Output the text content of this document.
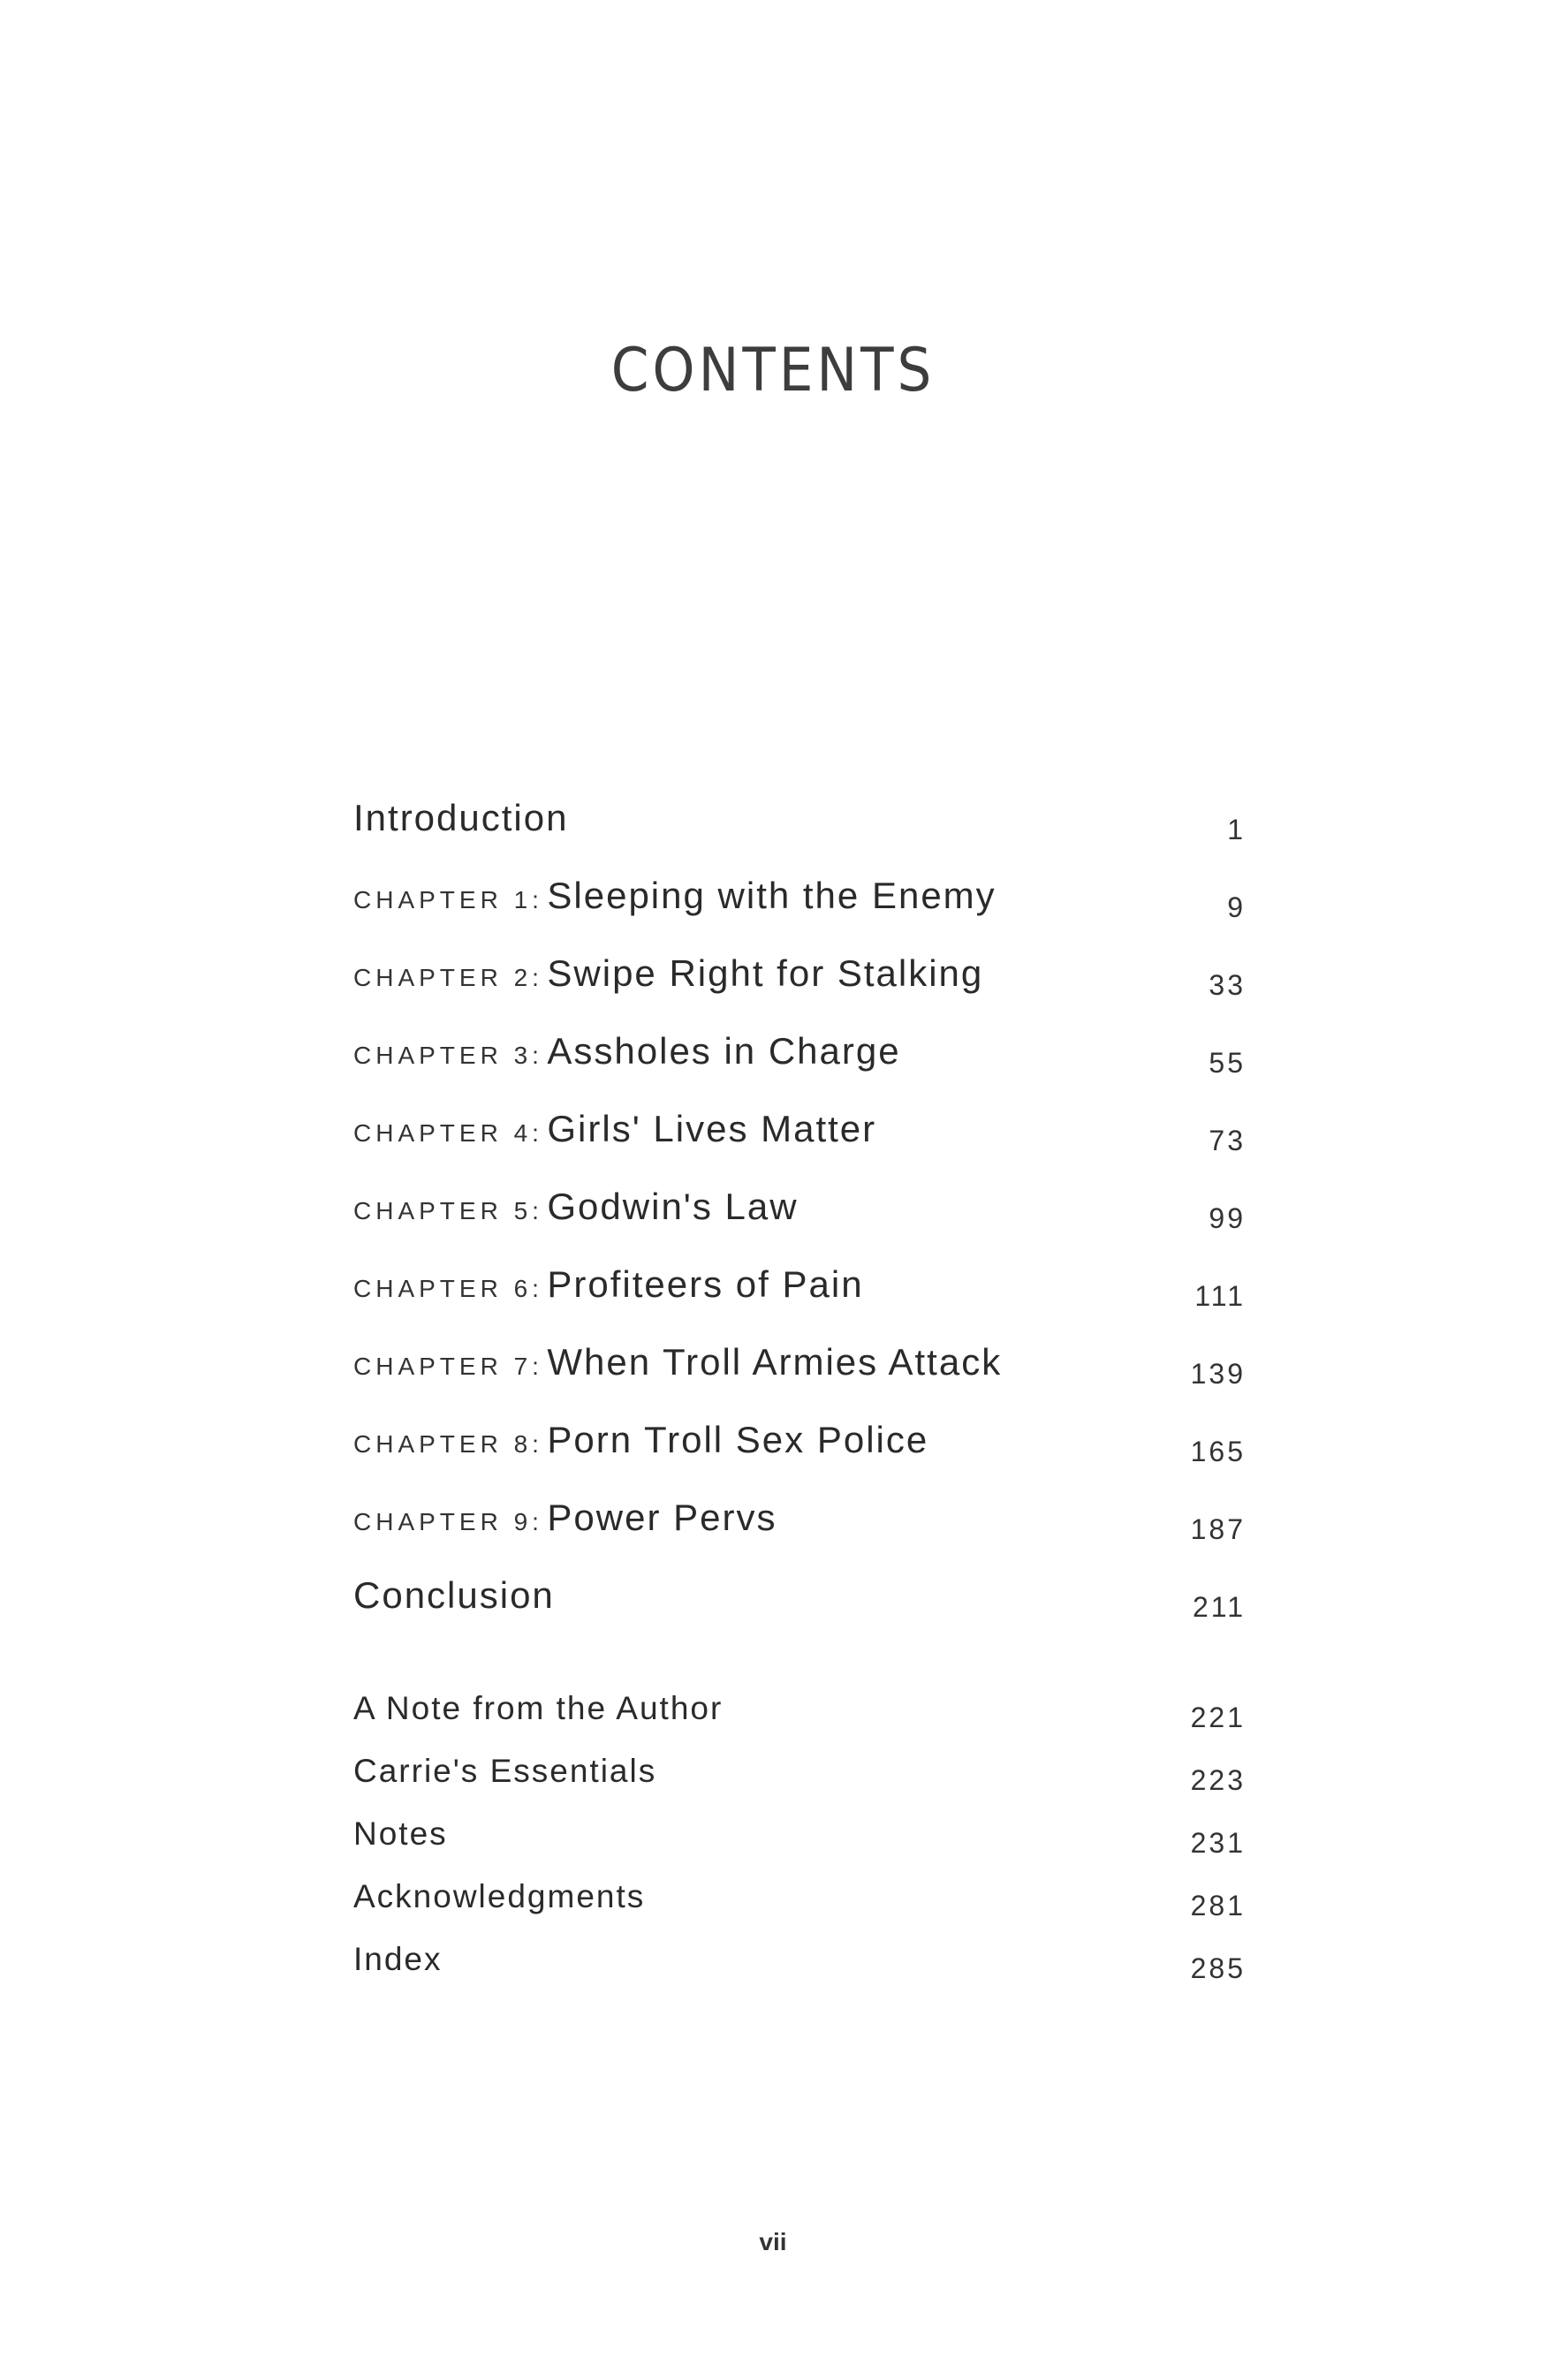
CONTENTS
Introduction	1
CHAPTER 1: Sleeping with the Enemy	9
CHAPTER 2: Swipe Right for Stalking	33
CHAPTER 3: Assholes in Charge	55
CHAPTER 4: Girls' Lives Matter	73
CHAPTER 5: Godwin's Law	99
CHAPTER 6: Profiteers of Pain	111
CHAPTER 7: When Troll Armies Attack	139
CHAPTER 8: Porn Troll Sex Police	165
CHAPTER 9: Power Pervs	187
Conclusion	211
A Note from the Author	221
Carrie's Essentials	223
Notes	231
Acknowledgments	281
Index	285
vii
